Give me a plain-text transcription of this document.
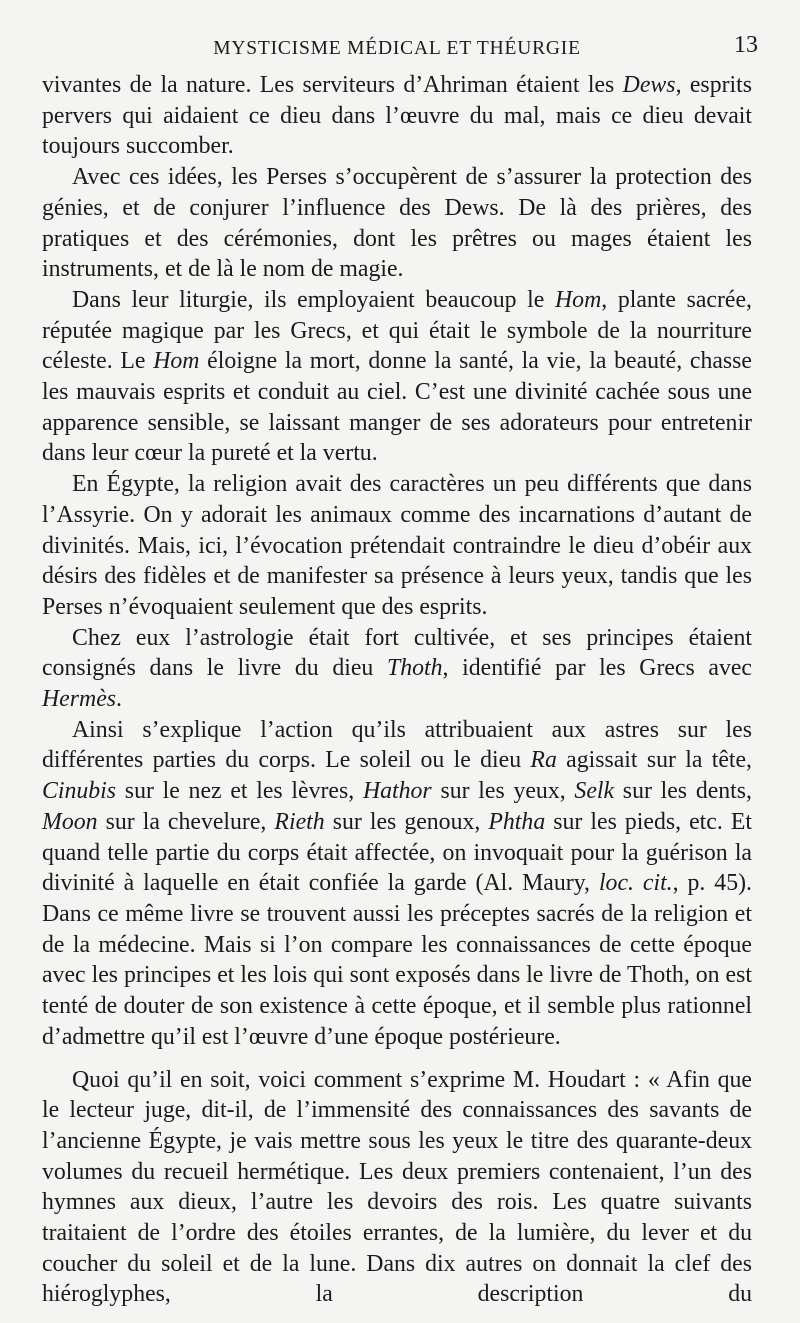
MYSTICISME MÉDICAL ET THÉURGIE	13

vivantes de la nature. Les serviteurs d’Ahriman étaient les Dews, esprits pervers qui aidaient ce dieu dans l’œuvre du mal, mais ce dieu devait toujours succomber.

Avec ces idées, les Perses s’occupèrent de s’assurer la protection des génies, et de conjurer l’influence des Dews. De là des prières, des pratiques et des cérémonies, dont les prêtres ou mages étaient les instruments, et de là le nom de magie.

Dans leur liturgie, ils employaient beaucoup le Hom, plante sacrée, réputée magique par les Grecs, et qui était le symbole de la nourriture céleste. Le Hom éloigne la mort, donne la santé, la vie, la beauté, chasse les mauvais esprits et conduit au ciel. C’est une divinité cachée sous une apparence sensible, se laissant manger de ses adorateurs pour entretenir dans leur cœur la pureté et la vertu.

En Égypte, la religion avait des caractères un peu différents que dans l’Assyrie. On y adorait les animaux comme des incarnations d’autant de divinités. Mais, ici, l’évocation prétendait contraindre le dieu d’obéir aux désirs des fidèles et de manifester sa présence à leurs yeux, tandis que les Perses n’évoquaient seulement que des esprits.

Chez eux l’astrologie était fort cultivée, et ses principes étaient consignés dans le livre du dieu Thoth, identifié par les Grecs avec Hermès.

Ainsi s’explique l’action qu’ils attribuaient aux astres sur les différentes parties du corps. Le soleil ou le dieu Ra agissait sur la tête, Cinubis sur le nez et les lèvres, Hathor sur les yeux, Selk sur les dents, Moon sur la chevelure, Rieth sur les genoux, Phtha sur les pieds, etc. Et quand telle partie du corps était affectée, on invoquait pour la guérison la divinité à laquelle en était confiée la garde (Al. Maury, loc. cit., p. 45). Dans ce même livre se trouvent aussi les préceptes sacrés de la religion et de la médecine. Mais si l’on compare les connaissances de cette époque avec les principes et les lois qui sont exposés dans le livre de Thoth, on est tenté de douter de son existence à cette époque, et il semble plus rationnel d’admettre qu’il est l’œuvre d’une époque postérieure.

Quoi qu’il en soit, voici comment s’exprime M. Houdart : « Afin que le lecteur juge, dit-il, de l’immensité des connaissances des savants de l’ancienne Égypte, je vais mettre sous les yeux le titre des quarante-deux volumes du recueil hermétique. Les deux premiers contenaient, l’un des hymnes aux dieux, l’autre les devoirs des rois. Les quatre suivants traitaient de l’ordre des étoiles errantes, de la lumière, du lever et du coucher du soleil et de la lune. Dans dix autres on donnait la clef des hiéroglyphes, la description du
